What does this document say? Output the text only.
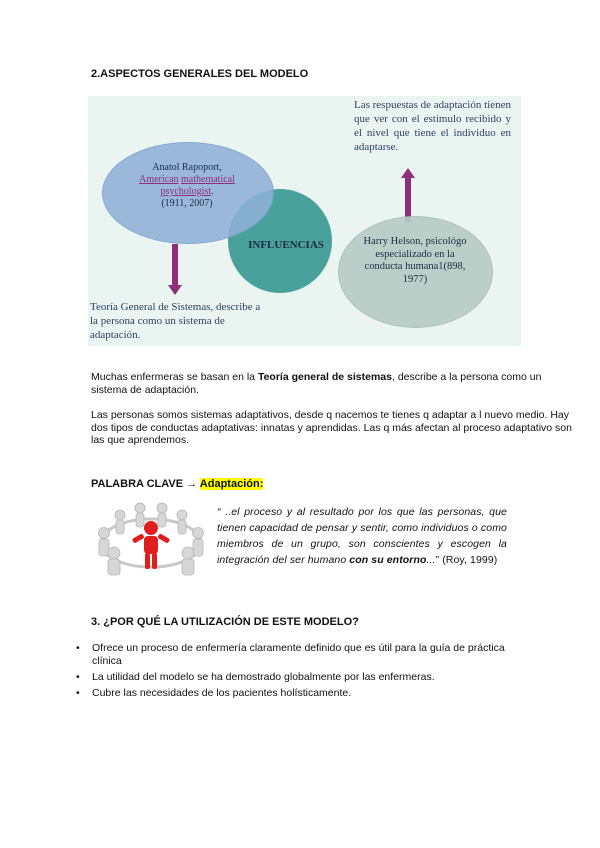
2.ASPECTOS GENERALES DEL MODELO
Las respuestas de adaptación tienen que ver con el estímulo recibido y el nivel que tiene el individuo en adaptarse.
Anatol Rapoport,
American mathematical
psychologist.
(1911, 2007)
INFLUENCIAS	Harry Helson, psicológo especializado en la conducta humana1(898, 1977)
Teoría General de Sistemas, describe a la persona como un sistema de adaptación.
Muchas enfermeras se basan en la Teoría general de sistemas, describe a la persona como un sistema de adaptación.
Las personas somos sistemas adaptativos, desde q nacemos te tienes q adaptar a l nuevo medio. Hay dos tipos de conductas adaptativas: innatas y aprendidas. Las q más afectan al proceso adaptativo son las que aprendemos.
PALABRA CLAVE → Adaptación:
“ ..el proceso y al resultado por los que las personas, que tienen capacidad de pensar y sentir, como individuos o como miembros de un grupo, son conscientes y escogen la integración del ser humano con su entorno...” (Roy, 1999)
3. ¿POR QUÉ LA UTILIZACIÓN DE ESTE MODELO?
• Ofrece un proceso de enfermería claramente definido que es útil para la guía de práctica clínica
• La utilidad del modelo se ha demostrado globalmente por las enfermeras.
• Cubre las necesidades de los pacientes holísticamente.
